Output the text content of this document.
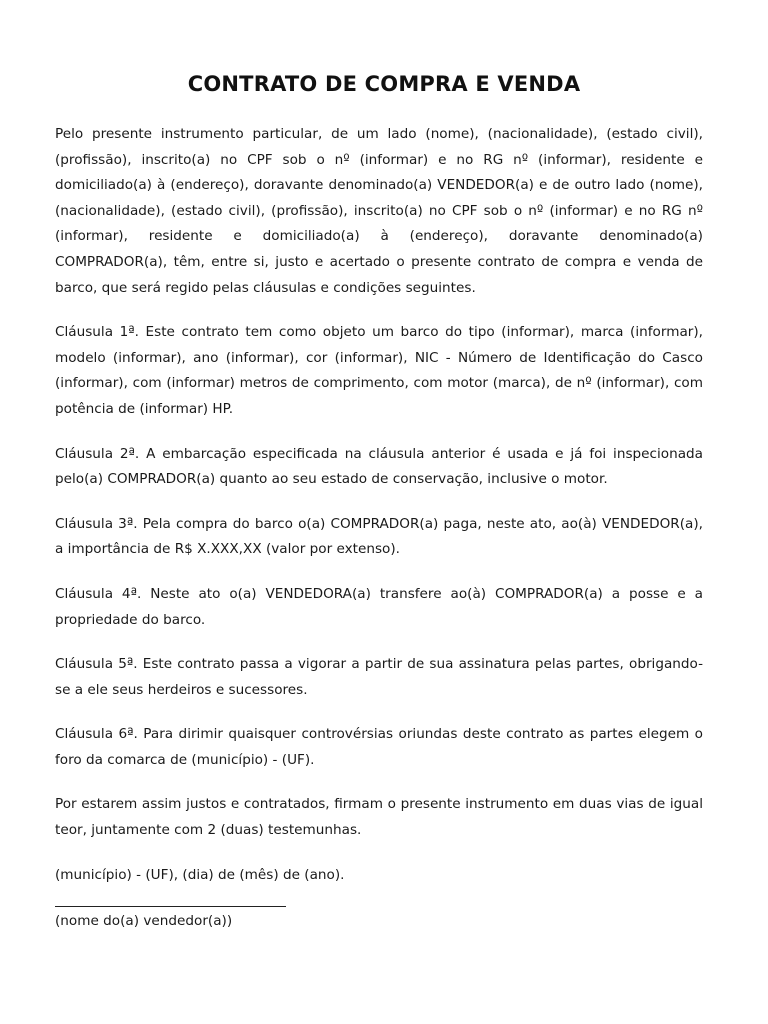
CONTRATO DE COMPRA E VENDA

Pelo presente instrumento particular, de um lado (nome), (nacionalidade), (estado civil), (profissão), inscrito(a) no CPF sob o nº (informar) e no RG nº (informar), residente e domiciliado(a) à (endereço), doravante denominado(a) VENDEDOR(a) e de outro lado (nome), (nacionalidade), (estado civil), (profissão), inscrito(a) no CPF sob o nº (informar) e no RG nº (informar), residente e domiciliado(a) à (endereço), doravante denominado(a) COMPRADOR(a), têm, entre si, justo e acertado o presente contrato de compra e venda de barco, que será regido pelas cláusulas e condições seguintes.

Cláusula 1ª. Este contrato tem como objeto um barco do tipo (informar), marca (informar), modelo (informar), ano (informar), cor (informar), NIC - Número de Identificação do Casco (informar), com (informar) metros de comprimento, com motor (marca), de nº (informar), com potência de (informar) HP.

Cláusula 2ª. A embarcação especificada na cláusula anterior é usada e já foi inspecionada pelo(a) COMPRADOR(a) quanto ao seu estado de conservação, inclusive o motor.

Cláusula 3ª. Pela compra do barco o(a) COMPRADOR(a) paga, neste ato, ao(à) VENDEDOR(a), a importância de R$ X.XXX,XX (valor por extenso).

Cláusula 4ª. Neste ato o(a) VENDEDORA(a) transfere ao(à) COMPRADOR(a) a posse e a propriedade do barco.

Cláusula 5ª. Este contrato passa a vigorar a partir de sua assinatura pelas partes, obrigando-se a ele seus herdeiros e sucessores.

Cláusula 6ª. Para dirimir quaisquer controvérsias oriundas deste contrato as partes elegem o foro da comarca de (município) - (UF).

Por estarem assim justos e contratados, firmam o presente instrumento em duas vias de igual teor, juntamente com 2 (duas) testemunhas.

(município) - (UF), (dia) de (mês) de (ano).

(nome do(a) vendedor(a))
